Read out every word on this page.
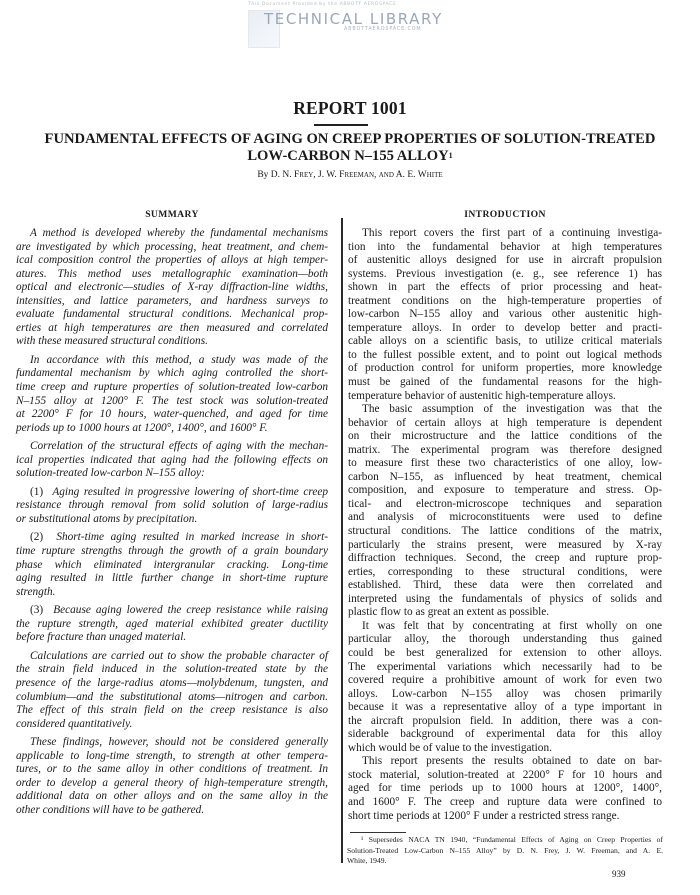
This Document Provided by the ABBOTT AEROSPACE
TECHNICAL LIBRARY
ABBOTTAEROSPACE.COM
REPORT 1001
FUNDAMENTAL EFFECTS OF AGING ON CREEP PROPERTIES OF SOLUTION-TREATED
LOW-CARBON N–155 ALLOY$^1$
By D. N. Frey, J. W. Freeman, and A. E. White
SUMMARY
A method is developed whereby the fundamental mechanisms
are investigated by which processing, heat treatment, and chem-
ical composition control the properties of alloys at high temper-
atures. This method uses metallographic examination—both
optical and electronic—studies of X-ray diffraction-line widths,
intensities, and lattice parameters, and hardness surveys to
evaluate fundamental structural conditions. Mechanical prop-
erties at high temperatures are then measured and correlated
with these measured structural conditions.
In accordance with this method, a study was made of the
fundamental mechanism by which aging controlled the short-
time creep and rupture properties of solution-treated low-carbon
N–155 alloy at 1200° F. The test stock was solution-treated
at 2200° F for 10 hours, water-quenched, and aged for time
periods up to 1000 hours at 1200°, 1400°, and 1600° F.
Correlation of the structural effects of aging with the mechan-
ical properties indicated that aging had the following effects on
solution-treated low-carbon N–155 alloy:
(1) Aging resulted in progressive lowering of short-time creep
resistance through removal from solid solution of large-radius
or substitutional atoms by precipitation.
(2) Short-time aging resulted in marked increase in short-
time rupture strengths through the growth of a grain boundary
phase which eliminated intergranular cracking. Long-time
aging resulted in little further change in short-time rupture
strength.
(3) Because aging lowered the creep resistance while raising
the rupture strength, aged material exhibited greater ductility
before fracture than unaged material.
Calculations are carried out to show the probable character of
the strain field induced in the solution-treated state by the
presence of the large-radius atoms—molybdenum, tungsten, and
columbium—and the substitutional atoms—nitrogen and carbon.
The effect of this strain field on the creep resistance is also
considered quantitatively.
These findings, however, should not be considered generally
applicable to long-time strength, to strength at other tempera-
tures, or to the same alloy in other conditions of treatment. In
order to develop a general theory of high-temperature strength,
additional data on other alloys and on the same alloy in the
other conditions will have to be gathered.
INTRODUCTION
This report covers the first part of a continuing investiga-
tion into the fundamental behavior at high temperatures
of austenitic alloys designed for use in aircraft propulsion
systems. Previous investigation (e. g., see reference 1) has
shown in part the effects of prior processing and heat-
treatment conditions on the high-temperature properties of
low-carbon N–155 alloy and various other austenitic high-
temperature alloys. In order to develop better and practi-
cable alloys on a scientific basis, to utilize critical materials
to the fullest possible extent, and to point out logical methods
of production control for uniform properties, more knowledge
must be gained of the fundamental reasons for the high-
temperature behavior of austenitic high-temperature alloys.
The basic assumption of the investigation was that the
behavior of certain alloys at high temperature is dependent
on their microstructure and the lattice conditions of the
matrix. The experimental program was therefore designed
to measure first these two characteristics of one alloy, low-
carbon N–155, as influenced by heat treatment, chemical
composition, and exposure to temperature and stress. Op-
tical- and electron-microscope techniques and separation
and analysis of microconstituents were used to define
structural conditions. The lattice conditions of the matrix,
particularly the strains present, were measured by X-ray
diffraction techniques. Second, the creep and rupture prop-
erties, corresponding to these structural conditions, were
established. Third, these data were then correlated and
interpreted using the fundamentals of physics of solids and
plastic flow to as great an extent as possible.
It was felt that by concentrating at first wholly on one
particular alloy, the thorough understanding thus gained
could be best generalized for extension to other alloys.
The experimental variations which necessarily had to be
covered require a prohibitive amount of work for even two
alloys. Low-carbon N–155 alloy was chosen primarily
because it was a representative alloy of a type important in
the aircraft propulsion field. In addition, there was a con-
siderable background of experimental data for this alloy
which would be of value to the investigation.
This report presents the results obtained to date on bar-
stock material, solution-treated at 2200° F for 10 hours and
aged for time periods up to 1000 hours at 1200°, 1400°,
and 1600° F. The creep and rupture data were confined to
short time periods at 1200° F under a restricted stress range.
¹ Supersedes NACA TN 1940, “Fundamental Effects of Aging on Creep Properties of
Solution-Treated Low-Carbon N–155 Alloy” by D. N. Frey, J. W. Freeman, and A. E.
White, 1949.
939
